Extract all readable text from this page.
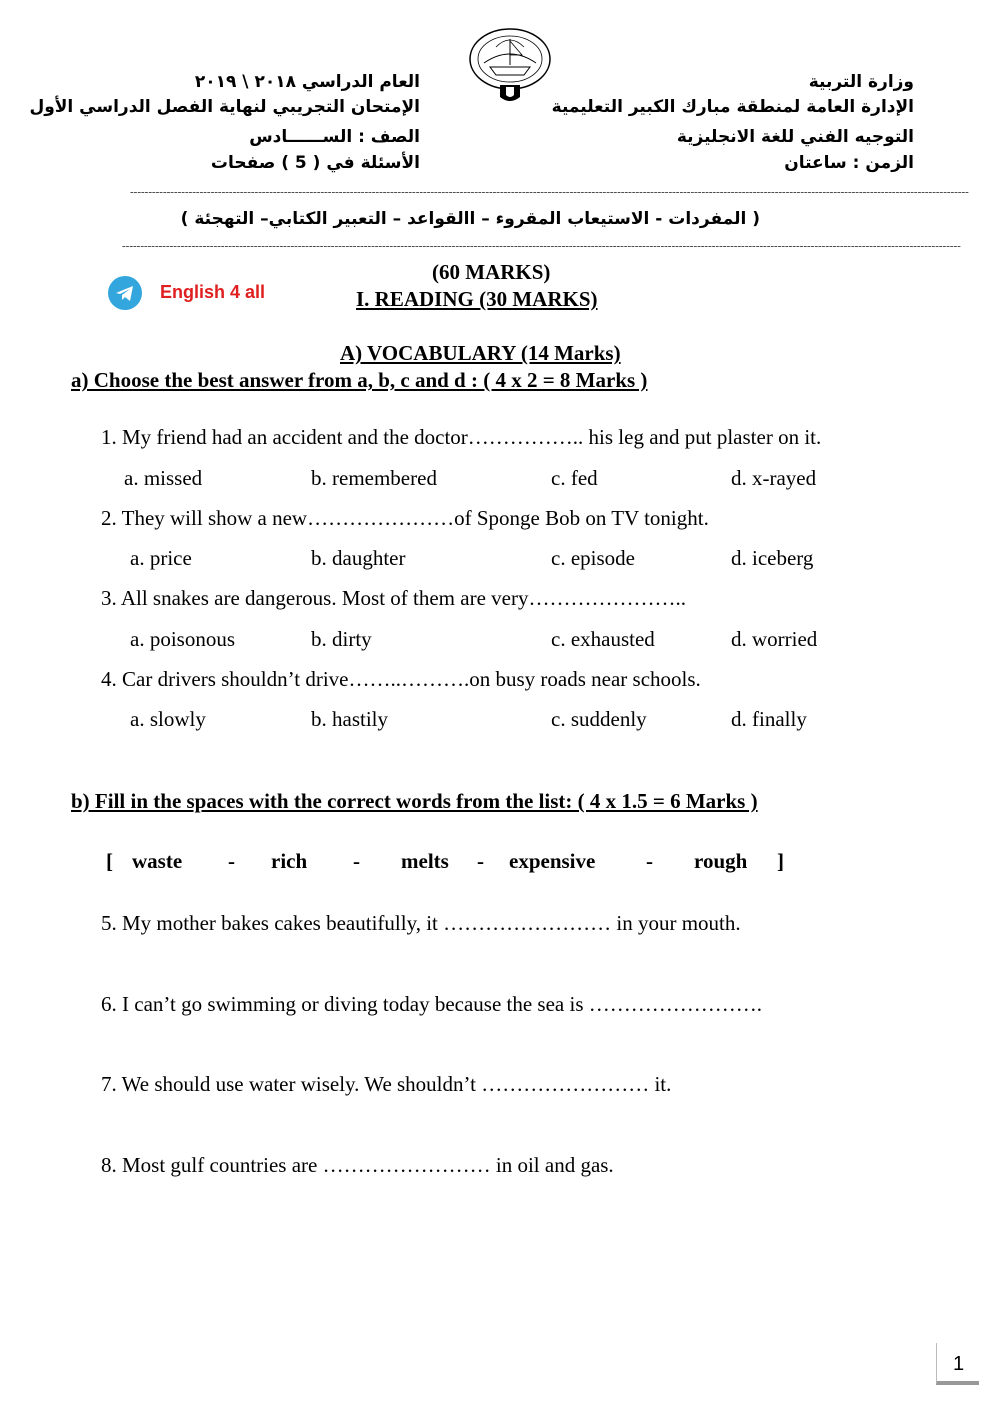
وزارة التربية
الإدارة العامة لمنطقة مبارك الكبير التعليمية
التوجيه الفني للغة الانجليزية
الزمن : ساعتان
العام الدراسي ٢٠١٨ \ ٢٠١٩
الإمتحان التجريبي لنهاية الفصل الدراسي الأول
الصف : الســــــادس
الأسئلة في ( 5 ) صفحات
-------------------------------------------------------------------------------------------------------------------------------------------------------------------------------------------------------------------------------------
( المفردات - الاستيعاب المقروء – االقواعد – التعبير الكتابي– التهجئة )
-------------------------------------------------------------------------------------------------------------------------------------------------------------------------------------------------------------------------------------
English 4 all
(60 MARKS)
I. READING (30 MARKS)
A) VOCABULARY (14 Marks)
a) Choose the best answer from a, b, c and d : ( 4 x 2 = 8 Marks )
1. My friend had an accident and the doctor…………….. his leg and put plaster on it.
a. missed	b. remembered	c. fed	d. x-rayed
2. They will show a new…………………of Sponge Bob on TV tonight.
a. price	b. daughter	c. episode	d. iceberg
3. All snakes are dangerous. Most of them are very…………………..
a. poisonous	b. dirty	c. exhausted	d. worried
4. Car drivers shouldn’t drive……..……….on busy roads near schools.
a. slowly	b. hastily	c. suddenly	d. finally
b) Fill in the spaces with the correct words from the list: ( 4 x 1.5 = 6 Marks )
[ waste - rich - melts - expensive - rough ]
5. My mother bakes cakes beautifully, it …………………… in your mouth.
6. I can’t go swimming or diving today because the sea is …………………….
7. We should use water wisely. We shouldn’t …………………… it.
8. Most gulf countries are …………………… in oil and gas.
1
